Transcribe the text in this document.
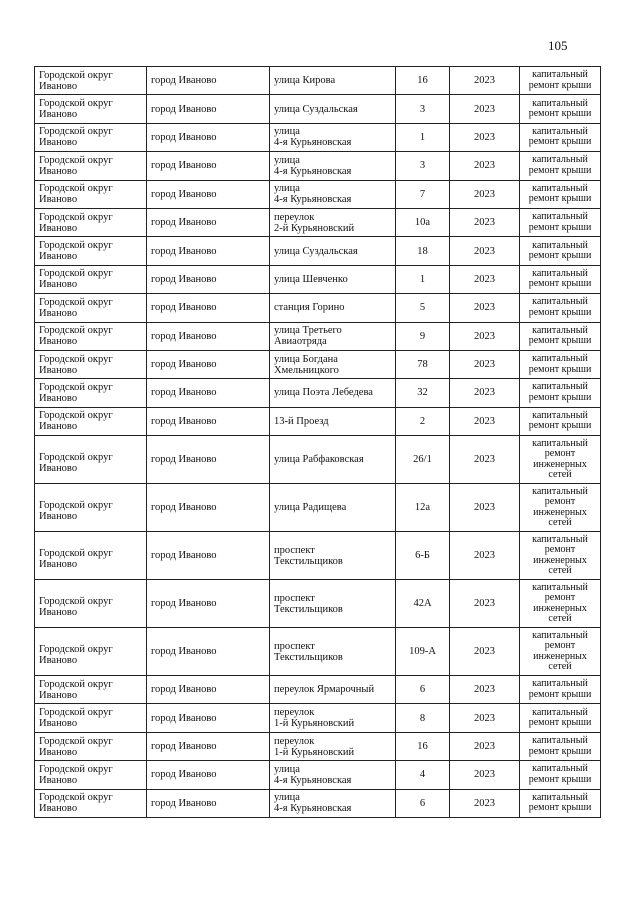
105
Городской округ
Иваново	город Иваново	улица Кирова	16	2023	капитальный
ремонт крыши

Городской округ
Иваново	город Иваново	улица Суздальская	3	2023	капитальный
ремонт крыши

Городской округ
Иваново	город Иваново	улица
4-я Курьяновская	1	2023	капитальный
ремонт крыши

Городской округ
Иваново	город Иваново	улица
4-я Курьяновская	3	2023	капитальный
ремонт крыши

Городской округ
Иваново	город Иваново	улица
4-я Курьяновская	7	2023	капитальный
ремонт крыши

Городской округ
Иваново	город Иваново	переулок
2-й Курьяновский	10а	2023	капитальный
ремонт крыши

Городской округ
Иваново	город Иваново	улица Суздальская	18	2023	капитальный
ремонт крыши

Городской округ
Иваново	город Иваново	улица Шевченко	1	2023	капитальный
ремонт крыши

Городской округ
Иваново	город Иваново	станция Горино	5	2023	капитальный
ремонт крыши

Городской округ
Иваново	город Иваново	улица Третьего
Авиаотряда	9	2023	капитальный
ремонт крыши

Городской округ
Иваново	город Иваново	улица Богдана
Хмельницкого	78	2023	капитальный
ремонт крыши

Городской округ
Иваново	город Иваново	улица Поэта Лебедева	32	2023	капитальный
ремонт крыши

Городской округ
Иваново	город Иваново	13-й Проезд	2	2023	капитальный
ремонт крыши

Городской округ
Иваново	город Иваново	улица Рабфаковская	26/1	2023	капитальный
ремонт
инженерных
сетей

Городской округ
Иваново	город Иваново	улица Радищева	12а	2023	капитальный
ремонт
инженерных
сетей

Городской округ
Иваново	город Иваново	проспект
Текстильщиков	6-Б	2023	капитальный
ремонт
инженерных
сетей

Городской округ
Иваново	город Иваново	проспект
Текстильщиков	42А	2023	капитальный
ремонт
инженерных
сетей

Городской округ
Иваново	город Иваново	проспект
Текстильщиков	109-А	2023	капитальный
ремонт
инженерных
сетей

Городской округ
Иваново	город Иваново	переулок Ярмарочный	6	2023	капитальный
ремонт крыши

Городской округ
Иваново	город Иваново	переулок
1-й Курьяновский	8	2023	капитальный
ремонт крыши

Городской округ
Иваново	город Иваново	переулок
1-й Курьяновский	16	2023	капитальный
ремонт крыши

Городской округ
Иваново	город Иваново	улица
4-я Курьяновская	4	2023	капитальный
ремонт крыши

Городской округ
Иваново	город Иваново	улица
4-я Курьяновская	6	2023	капитальный
ремонт крыши
